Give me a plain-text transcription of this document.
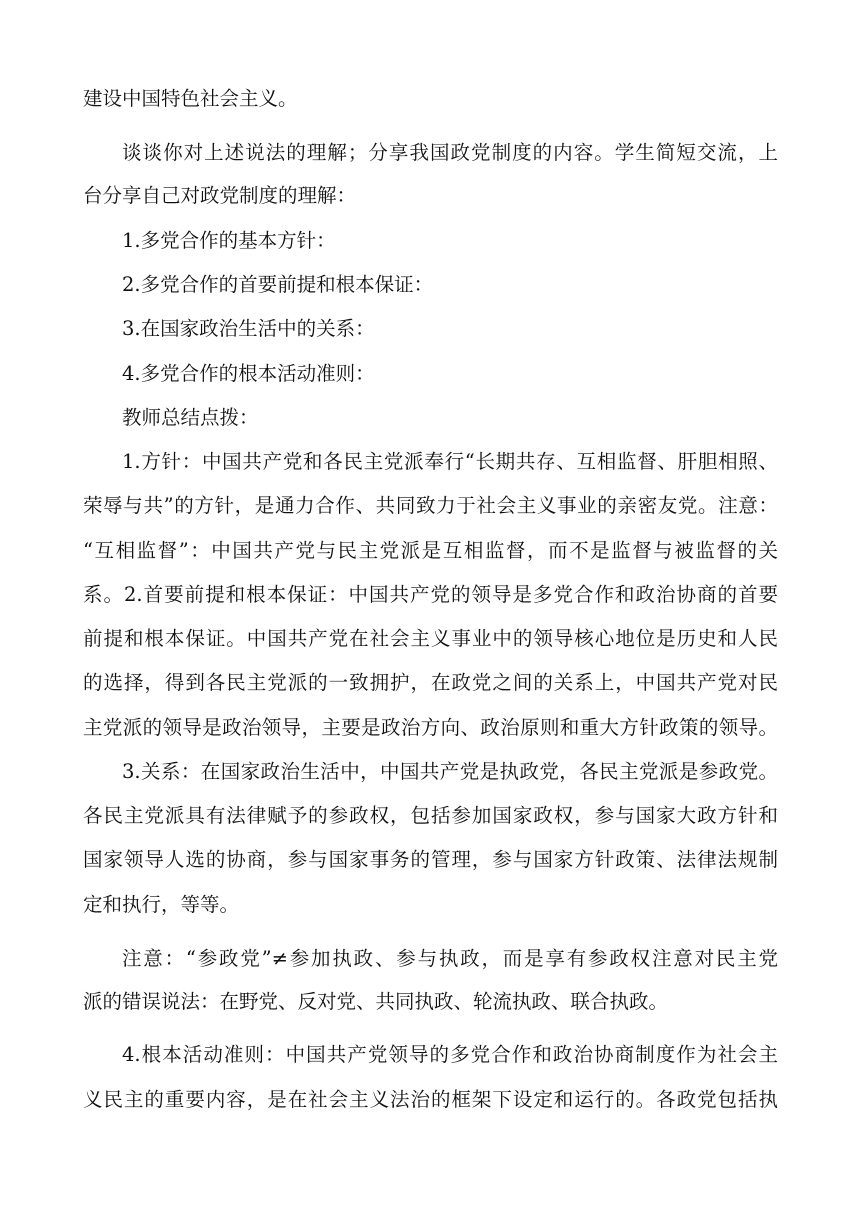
建设中国特色社会主义。
谈谈你对上述说法的理解；分享我国政党制度的内容。学生简短交流，上
台分享自己对政党制度的理解：
1.多党合作的基本方针：
2.多党合作的首要前提和根本保证：
3.在国家政治生活中的关系：
4.多党合作的根本活动准则：
教师总结点拨：
1.方针：中国共产党和各民主党派奉行“长期共存、互相监督、肝胆相照、
荣辱与共”的方针，是通力合作、共同致力于社会主义事业的亲密友党。注意：
“互相监督”：中国共产党与民主党派是互相监督，而不是监督与被监督的关
系。2.首要前提和根本保证：中国共产党的领导是多党合作和政治协商的首要
前提和根本保证。中国共产党在社会主义事业中的领导核心地位是历史和人民
的选择，得到各民主党派的一致拥护，在政党之间的关系上，中国共产党对民
主党派的领导是政治领导，主要是政治方向、政治原则和重大方针政策的领导。
3.关系：在国家政治生活中，中国共产党是执政党，各民主党派是参政党。
各民主党派具有法律赋予的参政权，包括参加国家政权，参与国家大政方针和
国家领导人选的协商，参与国家事务的管理，参与国家方针政策、法律法规制
定和执行，等等。
注意：“参政党”≠参加执政、参与执政，而是享有参政权注意对民主党
派的错误说法：在野党、反对党、共同执政、轮流执政、联合执政。
4.根本活动准则：中国共产党领导的多党合作和政治协商制度作为社会主
义民主的重要内容，是在社会主义法治的框架下设定和运行的。各政党包括执
